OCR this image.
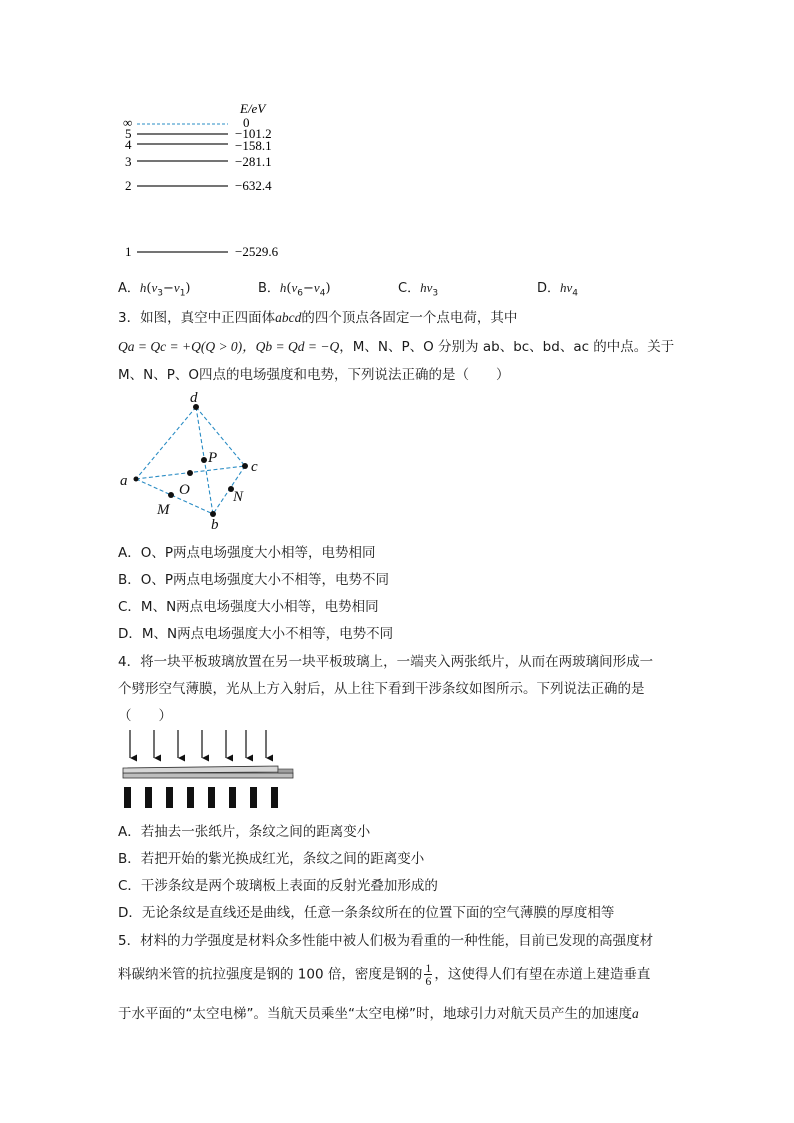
E/eV
∞	0
5	−101.2
4	−158.1
3	−281.1
2	−632.4
1	−2529.6
A．$h(\nu_3-\nu_1)$	B．$h(\nu_6-\nu_4)$	C．$h\nu_3$	D．$h\nu_4$
3．如图，真空中正四面体abcd的四个顶点各固定一个点电荷，其中
Qa = Qc = +Q(Q > 0)，Qb = Qd = −Q，M、N、P、O 分别为 ab、bc、bd、ac 的中点。关于
M、N、P、O四点的电场强度和电势，下列说法正确的是（　　）
d
a
c
b
P
O
M
N
A．O、P两点电场强度大小相等，电势相同
B．O、P两点电场强度大小不相等，电势不同
C．M、N两点电场强度大小相等，电势相同
D．M、N两点电场强度大小不相等，电势不同
4．将一块平板玻璃放置在另一块平板玻璃上，一端夹入两张纸片，从而在两玻璃间形成一
个劈形空气薄膜，光从上方入射后，从上往下看到干涉条纹如图所示。下列说法正确的是
（　　）
A．若抽去一张纸片，条纹之间的距离变小
B．若把开始的紫光换成红光，条纹之间的距离变小
C．干涉条纹是两个玻璃板上表面的反射光叠加形成的
D．无论条纹是直线还是曲线，任意一条条纹所在的位置下面的空气薄膜的厚度相等
5．材料的力学强度是材料众多性能中被人们极为看重的一种性能，目前已发现的高强度材
料碳纳米管的抗拉强度是钢的 100 倍，密度是钢的 $\frac{1}{6}$ ，这使得人们有望在赤道上建造垂直
于水平面的“太空电梯”。当航天员乘坐“太空电梯”时，地球引力对航天员产生的加速度a
